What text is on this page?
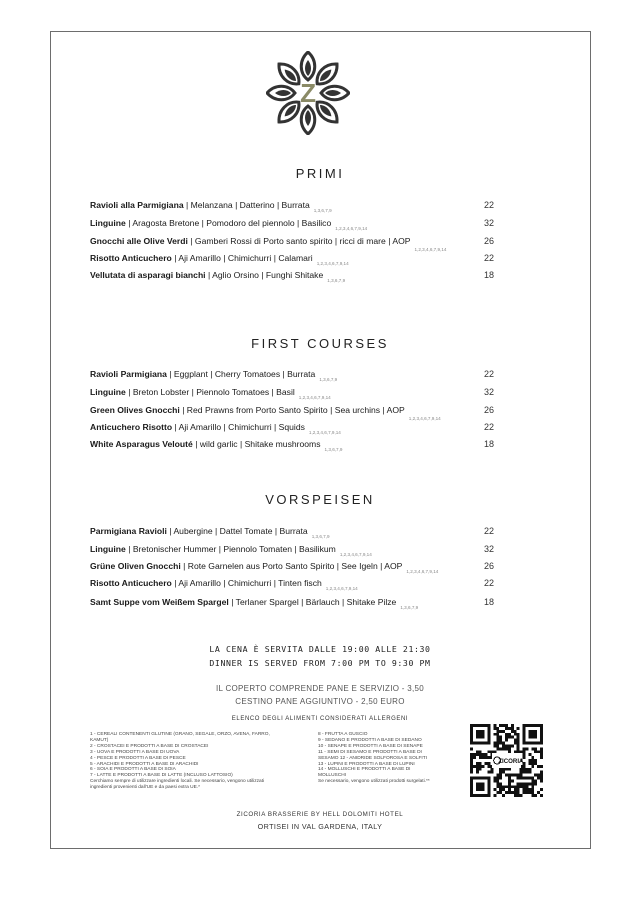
Z
PRIMI
Ravioli alla Parmigiana | Melanzana | Datterino | Burrata$_{1,3,6,7,9}$
22
Linguine | Aragosta Bretone | Pomodoro del piennolo | Basilico$_{1,2,3,4,6,7,9,14}$
32
Gnocchi alle Olive Verdi | Gamberi Rossi di Porto santo spirito | ricci di mare | $AOP_{1,2,3,4,6,7,9,14}$
26
Risotto Anticuchero | Aji Amarillo | Chimichurri | Calamari$_{1,2,3,4,6,7,9,14}$
22
Vellutata di asparagi bianchi | Aglio Orsino | Funghi Shitake$_{1,3,6,7,9}$
18
FIRST COURSES
Ravioli Parmigiana | Eggplant | Cherry Tomatoes | Burrata$_{1,3,6,7,9}$
22
Linguine | Breton Lobster | Piennolo Tomatoes | Basil$_{1,2,3,4,6,7,9,14}$
32
Green Olives Gnocchi | Red Prawns from Porto Santo Spirito | Sea urchins | $AOP_{1,2,3,4,6,7,9,14}$
26
Anticuchero Risotto | Aji Amarillo | Chimichurri | Squids$_{1,2,3,4,6,7,9,14}$
22
White Asparagus Velouté | wild garlic | Shitake mushrooms$_{1,3,6,7,9}$
18
VORSPEISEN
Parmigiana Ravioli | Aubergine | Dattel Tomate | Burrata$_{1,3,6,7,9}$
22
Linguine | Bretonischer Hummer | Piennolo Tomaten | Basilikum$_{1,2,3,4,6,7,9,14}$
32
Grüne Oliven Gnocchi | Rote Garnelen aus Porto Santo Spirito | See Igeln | $AOP_{1,2,3,4,6,7,9,14}$
26
Risotto Anticuchero | Aji Amarillo | Chimichurri | Tinten fisch$_{1,2,3,4,6,7,9,14}$
22
Samt Suppe vom Weißem Spargel | Terlaner Spargel | Bärlauch | Shitake Pilze$_{1,3,6,7,9}$
18
LA CENA È SERVITA DALLE 19:00 ALLE 21:30
DINNER IS SERVED FROM 7:00 PM TO 9:30 PM
IL COPERTO COMPRENDE PANE E SERVIZIO - 3,50
CESTINO PANE AGGIUNTIVO - 2,50 EURO
ELENCO DEGLI ALIMENTI CONSIDERATI ALLERGENI
1 - CEREALI CONTENENTI GLUTINE (GRANO, SEGALE, ORZO, AVENA, FARRO,
KAMUT)
2 - CROSTACEI E PRODOTTI A BASE DI CROSTACEI
3 - UOVA E PRODOTTI A BASE DI UOVA
4 - PESCE E PRODOTTI A BASE DI PESCE
5 - ARACHIDI E PRODOTTI A BASE DI ARACHIDI
6 - SOIA E PRODOTTI A BASE DI SOIA
7 - LATTE E PRODOTTI A BASE DI LATTE (INCLUSO LATTOSIO)
Cerchiamo sempre di utilizzare ingredienti locali. Se necessario, vengono utilizzati
ingredienti provenienti dall'UE e da paesi extra UE.*
8 - FRUTTA A GUSCIO
9 - SEDANO E PRODOTTI A BASE DI SEDANO
10 - SENAPE E PRODOTTI A BASE DI SENAPE
11 - SEMI DI SESAMO E PRODOTTI A BASE DI
SESAMO 12 - ANIDRIDE SOLFOROSA E SOLFITI
13 - LUPINI E PRODOTTI A BASE DI LUPINI
14 - MOLLUSCHI E PRODOTTI A BASE DI
MOLLUSCHI
Se necessario, vengono utilizzati prodotti surgelati.**
ZICORIA
ZICORIA BRASSERIE BY HELL DOLOMITI HOTEL
ORTISEI IN VAL GARDENA, ITALY
